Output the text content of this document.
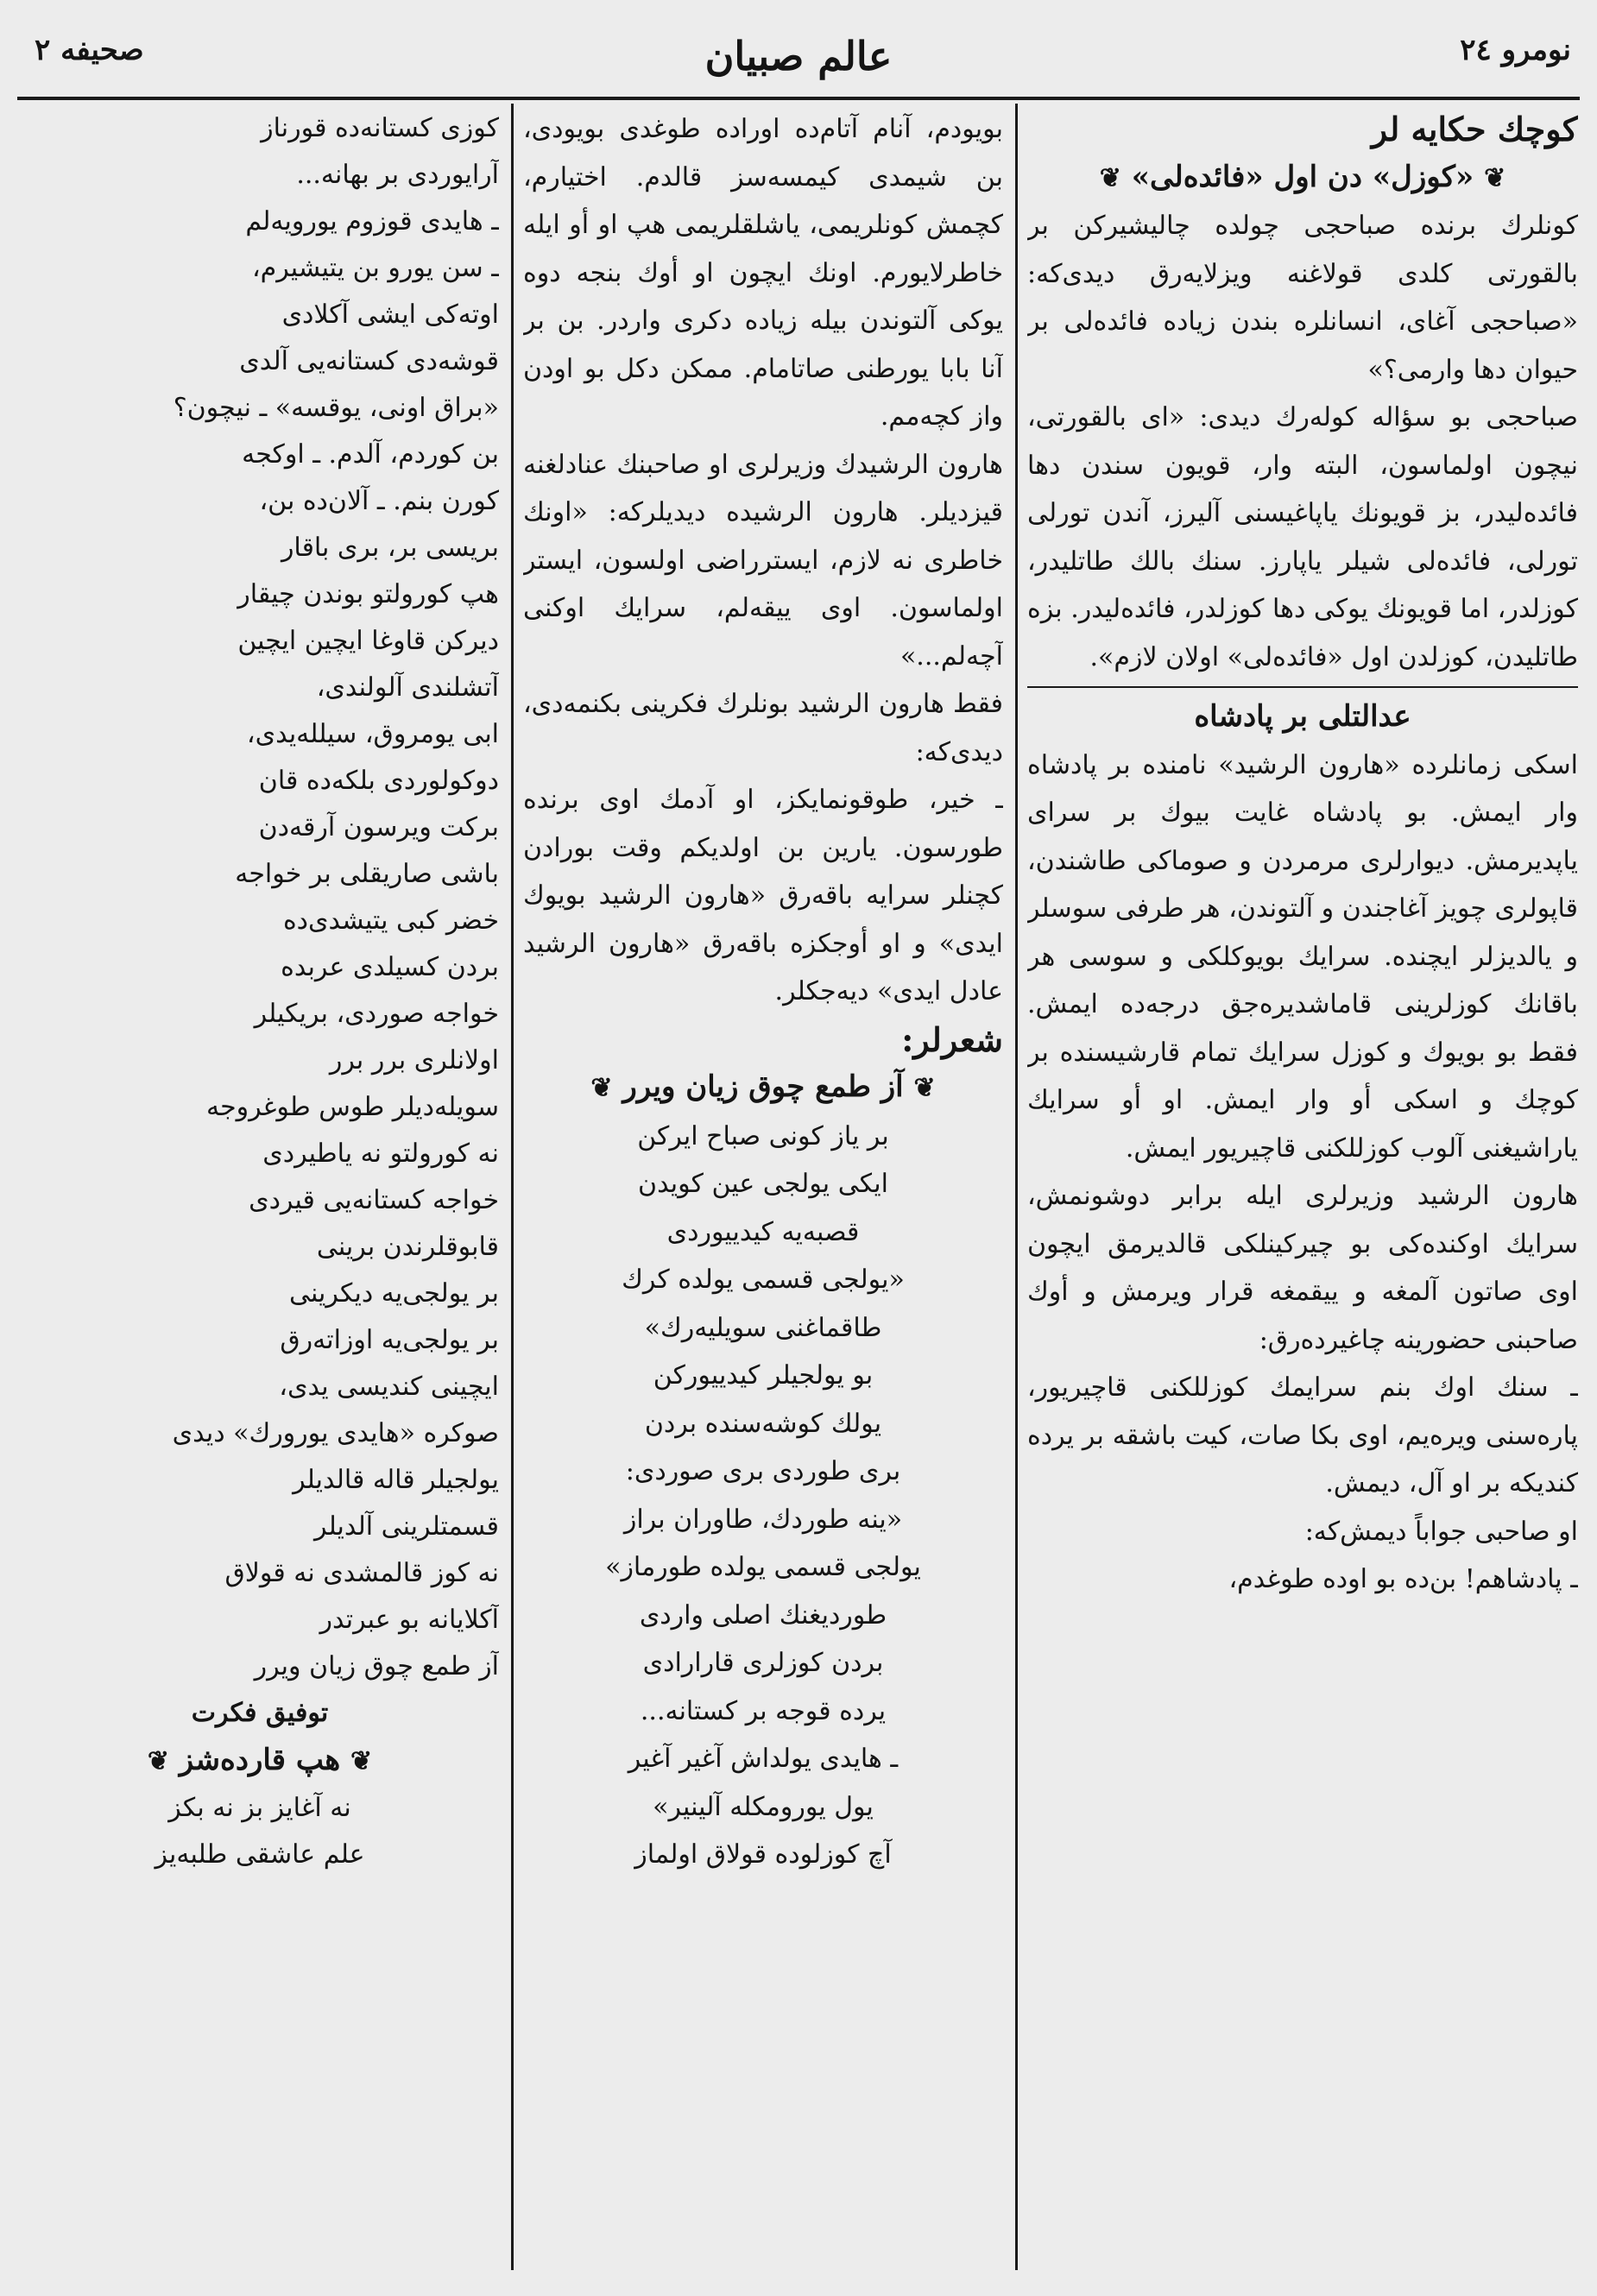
صحیفه ۲	عالم صبیان	نومرو ۲٤

کوچك حکایه لر

❦ «کوزل» دن اول «فائده‌لی» ❦

کونلرك برنده صباحجی چولده چالیشیرکن بر بالقورتی کلدی قولاغنه ویزلایه‌رق دیدی‌که: «صباحجی آغای، انسانلره بندن زیاده فائده‌لی بر حیوان دها وارمی؟»

صباحجی بو سؤاله کوله‌رك دیدی: «ای بالقورتی، نیچون اولماسون، البته وار، قویون سندن دها فائده‌لیدر، بز قویونك یاپاغیسنی آلیرز، آندن تورلی تورلی، فائده‌لی شیلر یاپارز. سنك بالك طاتلیدر، کوزلدر، اما قویونك یوکی دها کوزلدر، فائده‌لیدر. بزه طاتلیدن، کوزلدن اول «فائده‌لی» اولان لازم».

عدالتلی بر پادشاه

اسکی زمانلرده «هارون الرشید» نامنده بر پادشاه وار ایمش. بو پادشاه غایت بیوك بر سرای یاپدیرمش. دیوارلری مرمردن و صوماکی طاشندن، قاپولری چویز آغاجندن و آلتوندن، هر طرفی سوسلر و یالدیزلر ایچنده. سرایك بویوکلکی و سوسی هر باقانك کوزلرینی قاماشدیره‌جق درجه‌ده ایمش. فقط بو بویوك و کوزل سرایك تمام قارشیسنده بر کوچك و اسکی أو وار ایمش. او أو سرایك یاراشیغنی آلوب کوزللکنی قاچیریور ایمش.

هارون الرشید وزیرلری ایله برابر دوشونمش، سرایك اوکنده‌کی بو چیرکینلکی قالدیرمق ایچون اوی صاتون آلمغه و ییقمغه قرار ویرمش و أوك صاحبنی حضورینه چاغیرده‌رق:

ـ سنك اوك بنم سرایمك کوزللکنی قاچیریور، پاره‌سنی ویره‌یم، اوی بکا صات، کیت باشقه بر یرده کندیکه بر او آل، دیمش.

او صاحبی جواباً دیمش‌که:

ـ پادشاهم! بن‌ده بو اوده طوغدم،

بویودم، آنام آتام‌ده اوراده طوغدی بویودی، بن شیمدی کیمسه‌سز قالدم. اختیارم، کچمش کونلریمی، یاشلقلریمی هپ او أو ایله خاطرلایورم. اونك ایچون او أوك بنجه دوه یوکی آلتوندن بیله زیاده دکری واردر. بن بر آنا بابا یورطنی صاتامام. ممکن دکل بو اودن واز کچه‌مم.

هارون الرشیدك وزیرلری او صاحبنك عنادلغنه قیزدیلر. هارون الرشیده دیدیلرکه: «اونك خاطری نه لازم، ایسترراضی اولسون، ایستر اولماسون. اوی ییقه‌لم، سرایك اوکنی آچه‌لم...»

فقط هارون الرشید بونلرك فکرینی بکنمه‌دی، دیدی‌که:

ـ خیر، طوقونمایکز، او آدمك اوی برنده طورسون. یارین بن اولدیکم وقت بورادن کچنلر سرایه باقه‌رق «هارون الرشید بویوك ایدی» و او أوجکزه باقه‌رق «هارون الرشید عادل ایدی» دیه‌جکلر.

شعرلر:

❦ آز طمع چوق زیان ویرر ❦

بر یاز کونی صباح ایرکن

ایکی یولجی عین کویدن

قصبه‌یه کیدییوردی

«یولجی قسمی یولده کرك

طاقماغنی سویلیه‌رك»

بو یولجیلر کیدییورکن

یولك کوشه‌سنده بردن

بری طوردی بری صوردی:

«ینه طوردك، طاوران براز

یولجی قسمی یولده طورماز»

طوردیغنك اصلی واردی

بردن کوزلری قارارادی

یرده قوجه بر کستانه...

ـ هایدی یولداش آغیر آغیر

یول یورومکله آلینیر»

آچ کوزلوده قولاق اولماز

کوزی کستانه‌ده قورناز

آرایوردی بر بهانه...

ـ هایدی قوزوم یورویه‌لم

ـ سن یورو بن یتیشیرم،

اوته‌کی ایشی آکلادی

قوشه‌دی کستانه‌یی آلدی

«براق اونی، یوقسه» ـ نیچون؟

بن کوردم، آلدم. ـ اوکجه

کورن بنم. ـ آلان‌ده بن،

بریسی بر، بری باقار

هپ کورولتو بوندن چیقار

دیرکن قاوغا ایچین ایچین

آتشلندی آلولندی،

ابی یومروق، سیلله‌یدی،

دوکولوردی بلکه‌ده قان

برکت ویرسون آرقه‌دن

باشی صاریقلی بر خواجه

خضر کبی یتیشدی‌ده

بردن کسیلدی عربده

خواجه صوردی، بریکیلر

اولانلری برر برر

سویله‌دیلر طوس طوغروجه

نه کورولتو نه یاطیردی

خواجه کستانه‌یی قیردی

قابوقلرندن برینی

بر یولجی‌یه دیکرینی

بر یولجی‌یه اوزاته‌رق

ایچینی کندیسی یدی،

صوکره «هایدی یورورك» دیدی

یولجیلر قاله قالدیلر

قسمتلرینی آلدیلر

نه کوز قالمشدی نه قولاق

آکلایانه بو عبرتدر

آز طمع چوق زیان ویرر

توفیق فکرت

❦ هپ قارده‌شز ❦

نه آغایز بز نه بکز

علم عاشقی طلبه‌یز
